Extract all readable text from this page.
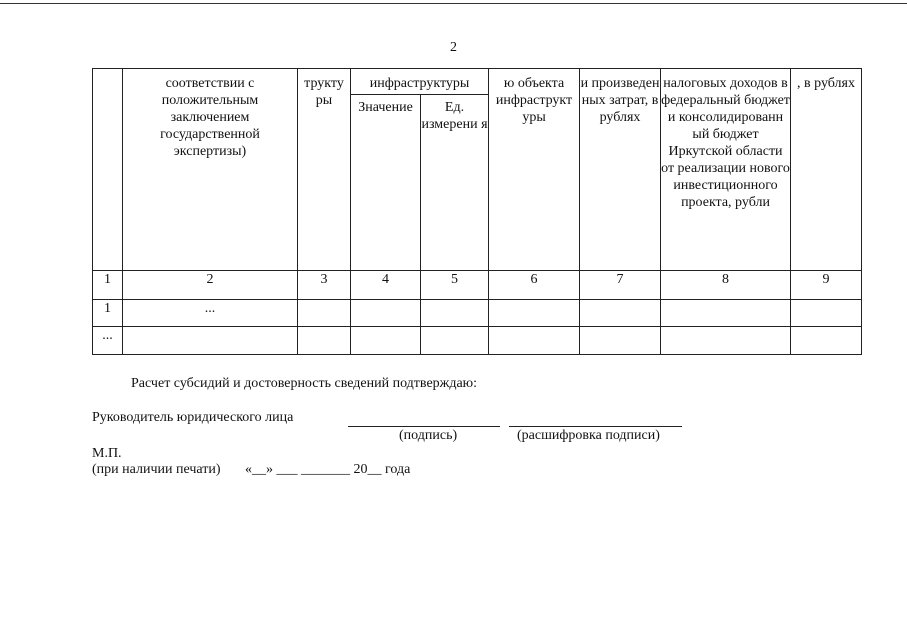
2
	соответствии с положительным заключением государственной экспертизы)	трукту ры	инфраструктуры		ю объекта инфраструкт уры	и произведен ных затрат, в рублях	налоговых доходов в федеральный бюджет и консолидированн ый бюджет Иркутской области от реализации нового инвестиционного проекта, рубли	, в рублях
			Значение	Ед. измерени я				
1	2	3	4	5	6	7	8	9
1	...							
...								
Расчет субсидий и достоверность сведений подтверждаю:
Руководитель юридического лица
(подпись)	(расшифровка подписи)
М.П.
(при наличии печати) «__» ___ _______ 20__ года
